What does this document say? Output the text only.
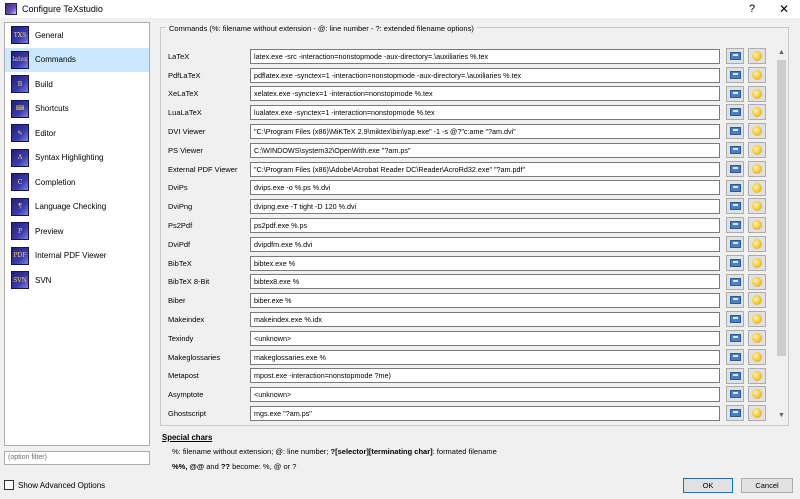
Configure TeXstudio	?	✕
TXS	General
latex Commands
B	Build
⌨	Shortcuts
✎	Editor
A	Syntax Highlighting
C	Completion
¶	Language Checking
P	Preview
PDF	Internal PDF Viewer
SVN SVN
(option filter)
Show Advanced Options
Commands (%: filename without extension - @: line number - ?: extended filename options)
LaTeX	latex.exe -src -interaction=nonstopmode -aux-directory=.\auxiliaries %.tex
PdfLaTeX	pdflatex.exe -synctex=1 -interaction=nonstopmode -aux-directory=.\auxiliaries %.tex
XeLaTeX	xelatex.exe -synctex=1 -interaction=nonstopmode %.tex
LuaLaTeX	lualatex.exe -synctex=1 -interaction=nonstopmode %.tex
DVI Viewer	"C:\Program Files (x86)\MiKTeX 2.9\miktex\bin\yap.exe" -1 -s @?"c:ame "?am.dvi"
PS Viewer	C:\WINDOWS\system32\OpenWith.exe "?am.ps"
External PDF Viewer	"C:\Program Files (x86)\Adobe\Acrobat Reader DC\Reader\AcroRd32.exe" "?am.pdf"
DviPs	dvips.exe -o %.ps %.dvi
DviPng	dvipng.exe -T tight -D 120 %.dvi
Ps2Pdf	ps2pdf.exe %.ps
DviPdf	dvipdfm.exe %.dvi
BibTeX	bibtex.exe %
BibTeX 8-Bit	bibtex8.exe %
Biber	biber.exe %
Makeindex	makeindex.exe %.idx
Texindy	<unknown>
Makeglossaries	makeglossaries.exe %
Metapost	mpost.exe -interaction=nonstopmode ?me)
Asymptote	<unknown>
Ghostscript	mgs.exe "?am.ps"
▲
▼
Special chars
%: filename without extension; @: line number; ?[selector][terminating char]: formated filename
%%, @@ and ?? become: %, @ or ?
OK	Cancel
